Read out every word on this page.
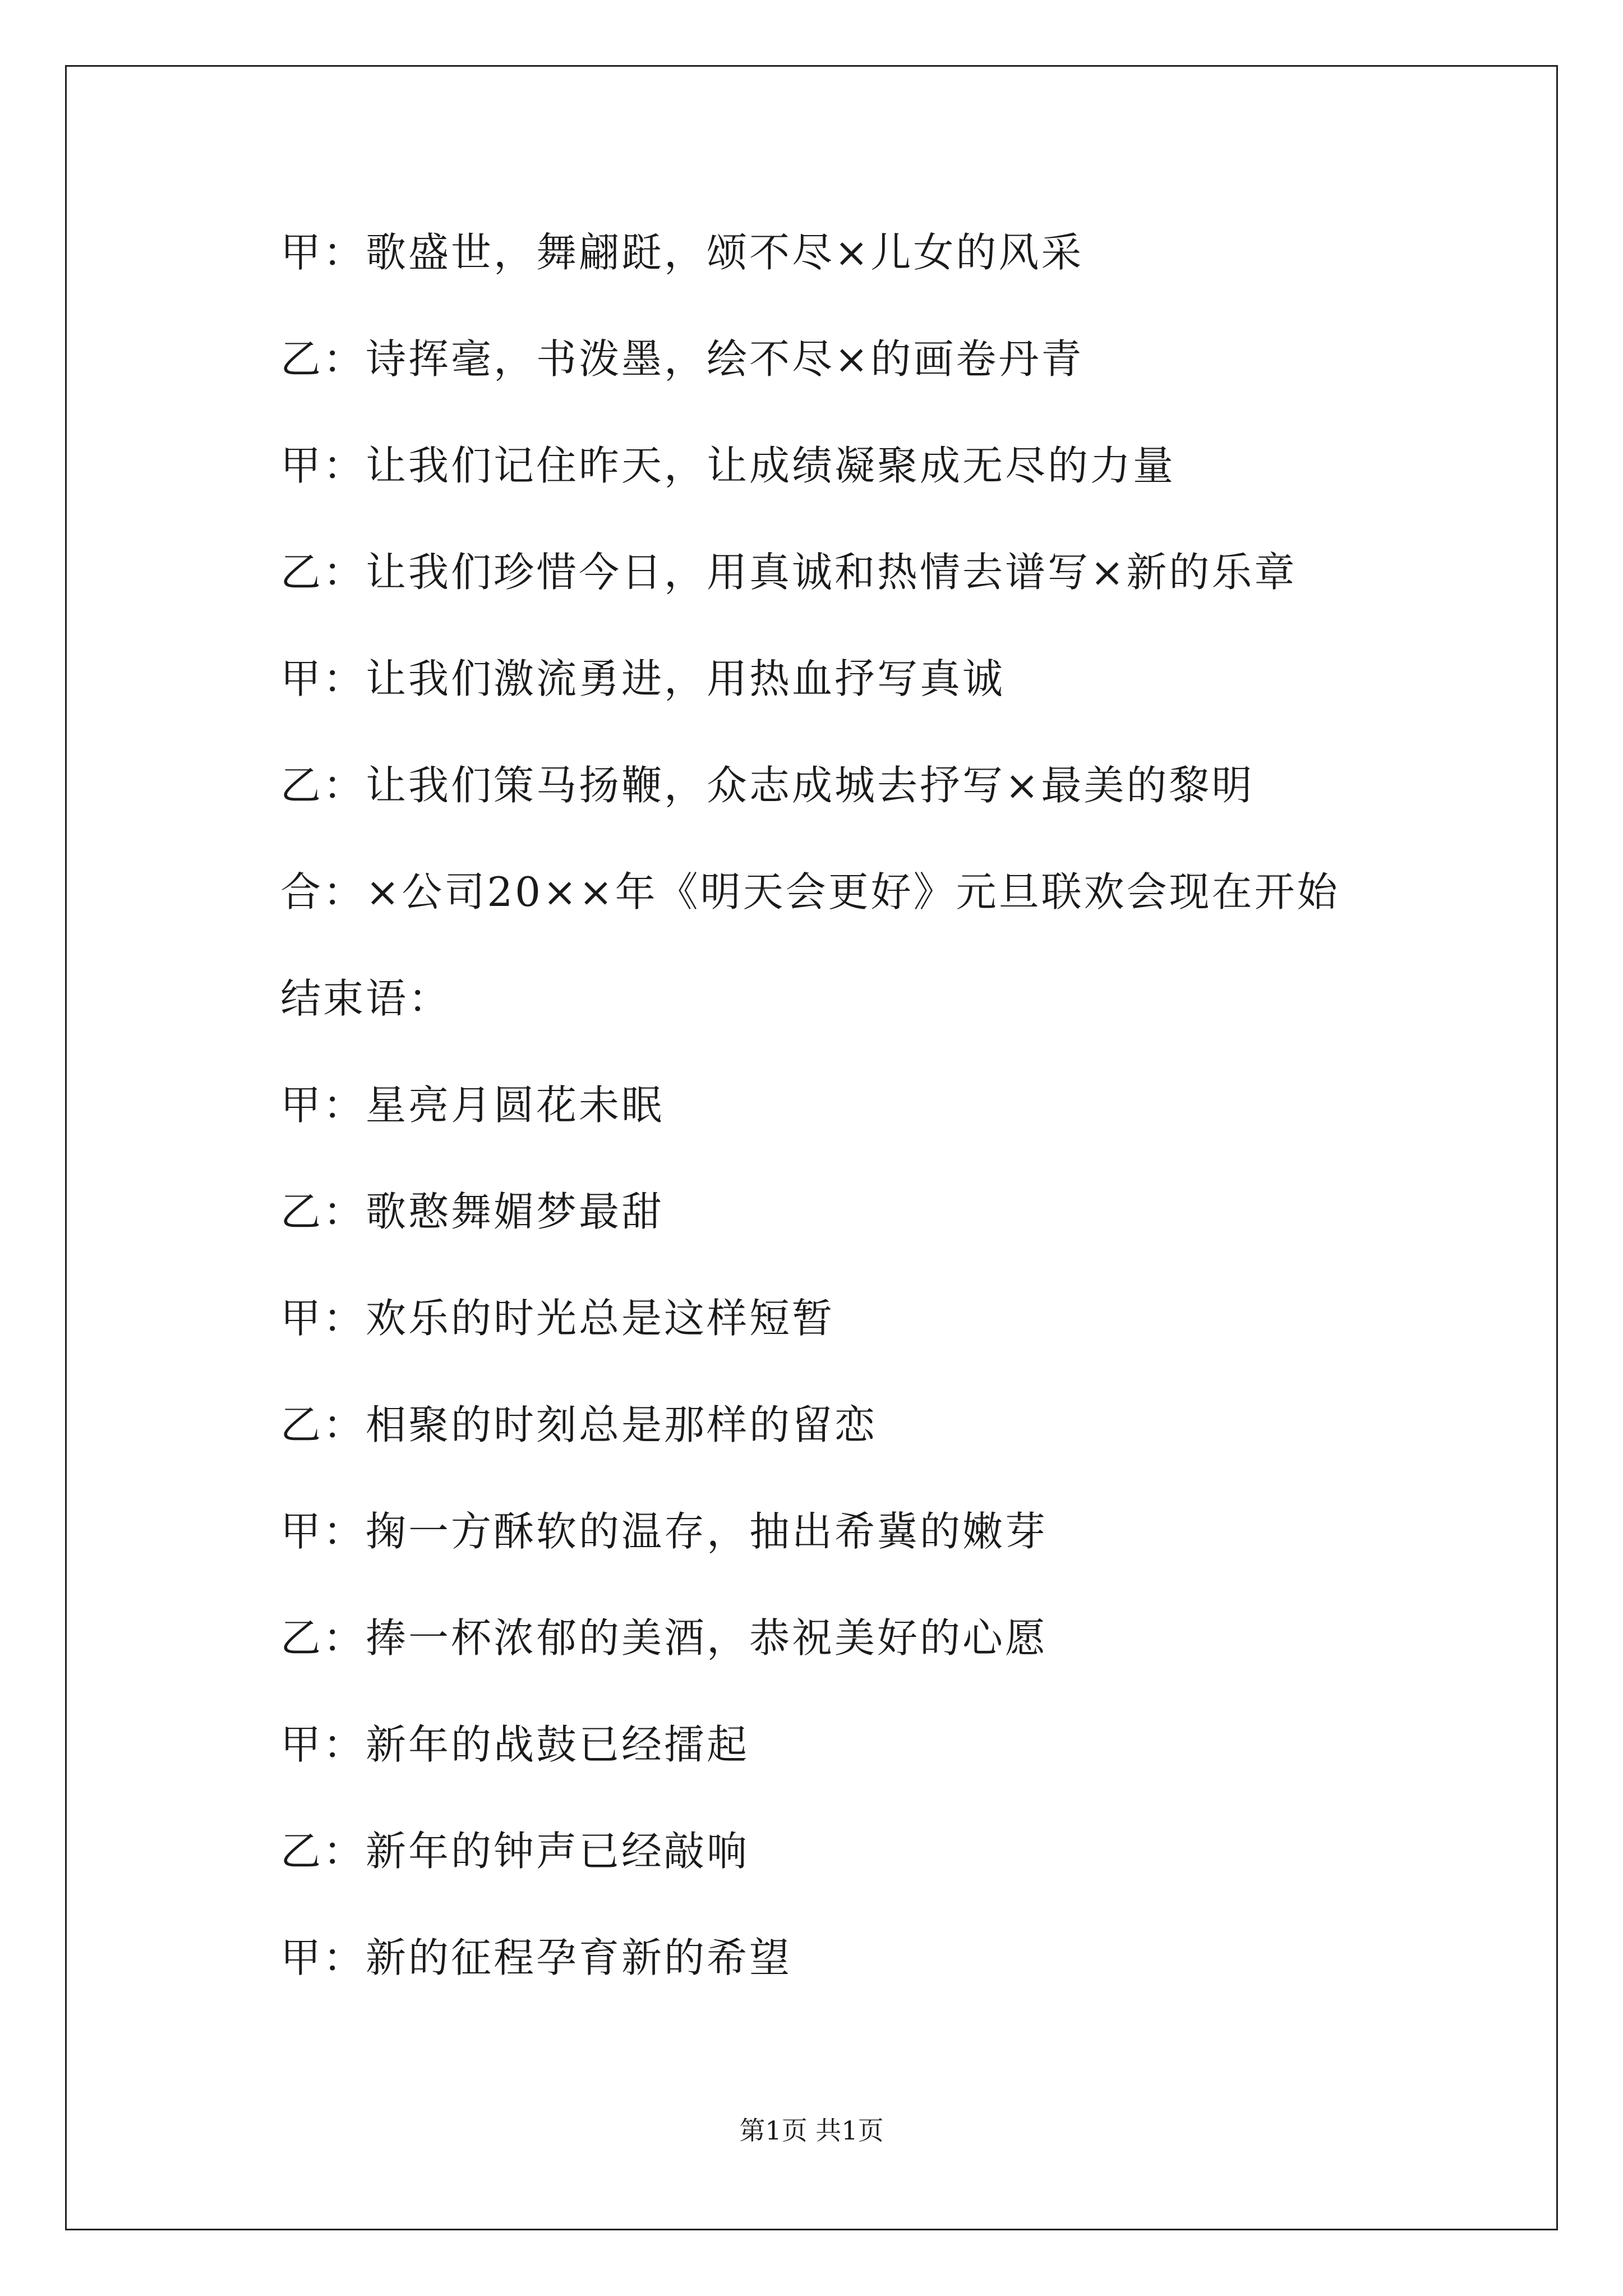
甲：歌盛世，舞翩跹，颂不尽×儿女的风采
乙：诗挥毫，书泼墨，绘不尽×的画卷丹青
甲：让我们记住昨天，让成绩凝聚成无尽的力量
乙：让我们珍惜今日，用真诚和热情去谱写×新的乐章
甲：让我们激流勇进，用热血抒写真诚
乙：让我们策马扬鞭，众志成城去抒写×最美的黎明
合：×公司20××年《明天会更好》元旦联欢会现在开始
结束语：
甲：星亮月圆花未眠
乙：歌憨舞媚梦最甜
甲：欢乐的时光总是这样短暂
乙：相聚的时刻总是那样的留恋
甲：掬一方酥软的温存，抽出希冀的嫩芽
乙：捧一杯浓郁的美酒，恭祝美好的心愿
甲：新年的战鼓已经擂起
乙：新年的钟声已经敲响
甲：新的征程孕育新的希望
第1页 共1页
